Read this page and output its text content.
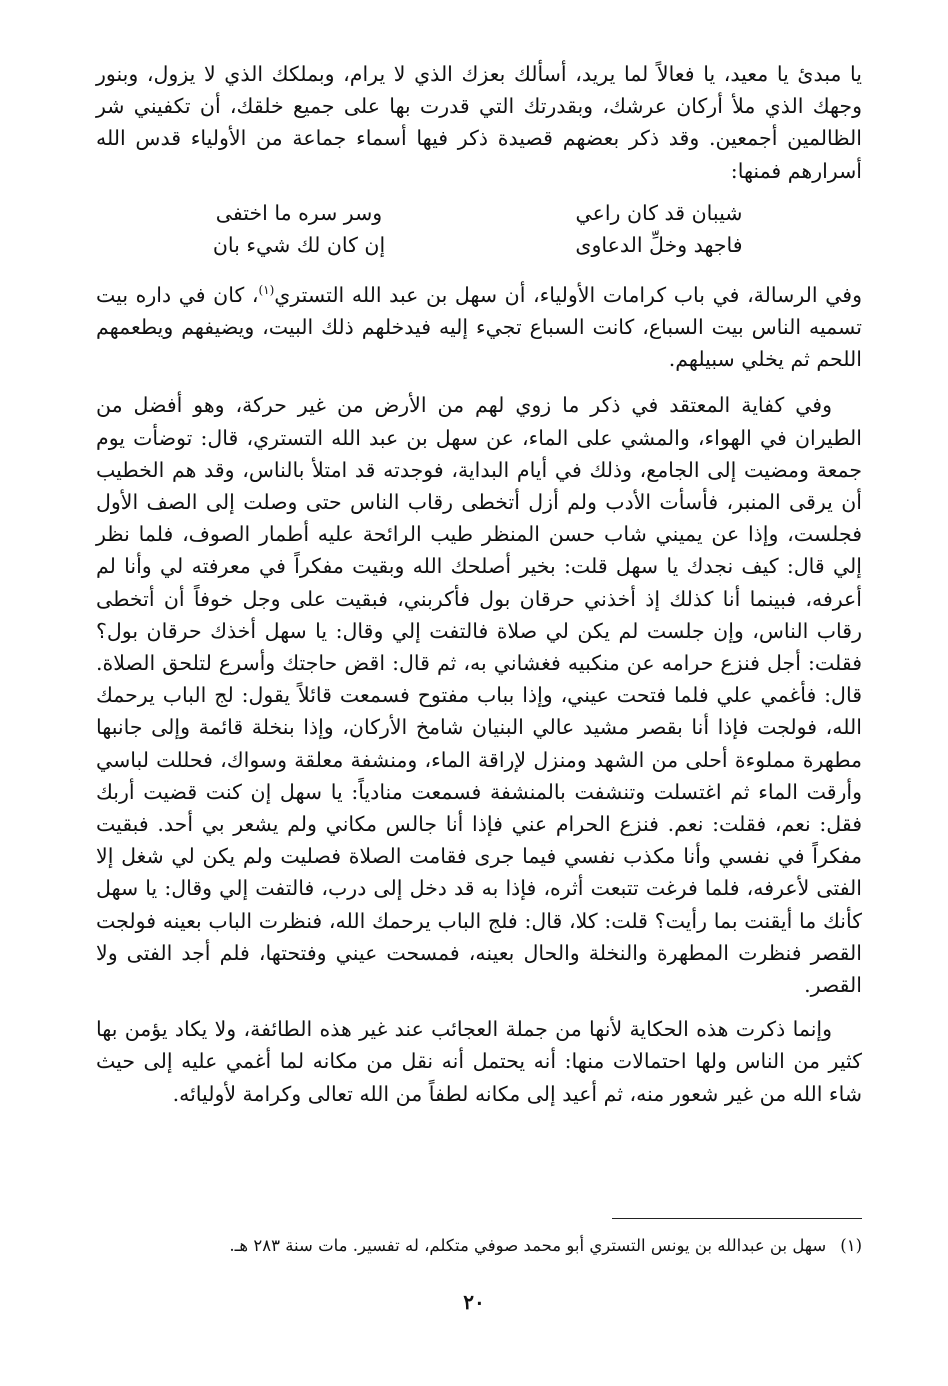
يا مبدئ يا معيد، يا فعالاً لما يريد، أسألك بعزك الذي لا يرام، وبملكك الذي لا يزول، وبنور وجهك الذي ملأ أركان عرشك، وبقدرتك التي قدرت بها على جميع خلقك، أن تكفيني شر الظالمين أجمعين. وقد ذكر بعضهم قصيدة ذكر فيها أسماء جماعة من الأولياء قدس الله أسرارهم فمنها:

شيبان قد كان راعي
وسر سره ما اختفى
فاجهد وخلِّ الدعاوى
إن كان لك شيء بان

وفي الرسالة، في باب كرامات الأولياء، أن سهل بن عبد الله التستري$^{(١)}$، كان في داره بيت تسميه الناس بيت السباع، كانت السباع تجيء إليه فيدخلهم ذلك البيت، ويضيفهم ويطعمهم اللحم ثم يخلي سبيلهم.

وفي كفاية المعتقد في ذكر ما زوي لهم من الأرض من غير حركة، وهو أفضل من الطيران في الهواء، والمشي على الماء، عن سهل بن عبد الله التستري، قال: توضأت يوم جمعة ومضيت إلى الجامع، وذلك في أيام البداية، فوجدته قد امتلأ بالناس، وقد هم الخطيب أن يرقى المنبر، فأسأت الأدب ولم أزل أتخطى رقاب الناس حتى وصلت إلى الصف الأول فجلست، وإذا عن يميني شاب حسن المنظر طيب الرائحة عليه أطمار الصوف، فلما نظر إلي قال: كيف نجدك يا سهل قلت: بخير أصلحك الله وبقيت مفكراً في معرفته لي وأنا لم أعرفه، فبينما أنا كذلك إذ أخذني حرقان بول فأكربني، فبقيت على وجل خوفاً أن أتخطى رقاب الناس، وإن جلست لم يكن لي صلاة فالتفت إلي وقال: يا سهل أخذك حرقان بول؟ فقلت: أجل فنزع حرامه عن منكبيه فغشاني به، ثم قال: اقض حاجتك وأسرع لتلحق الصلاة. قال: فأغمي علي فلما فتحت عيني، وإذا بباب مفتوح فسمعت قائلاً يقول: لج الباب يرحمك الله، فولجت فإذا أنا بقصر مشيد عالي البنيان شامخ الأركان، وإذا بنخلة قائمة وإلى جانبها مطهرة مملوءة أحلى من الشهد ومنزل لإراقة الماء، ومنشفة معلقة وسواك، فحللت لباسي وأرقت الماء ثم اغتسلت وتنشفت بالمنشفة فسمعت منادياً: يا سهل إن كنت قضيت أربك فقل: نعم، فقلت: نعم. فنزع الحرام عني فإذا أنا جالس مكاني ولم يشعر بي أحد. فبقيت مفكراً في نفسي وأنا مكذب نفسي فيما جرى فقامت الصلاة فصليت ولم يكن لي شغل إلا الفتى لأعرفه، فلما فرغت تتبعت أثره، فإذا به قد دخل إلى درب، فالتفت إلي وقال: يا سهل كأنك ما أيقنت بما رأيت؟ قلت: كلا، قال: فلج الباب يرحمك الله، فنظرت الباب بعينه فولجت القصر فنظرت المطهرة والنخلة والحال بعينه، فمسحت عيني وفتحتها، فلم أجد الفتى ولا القصر.

وإنما ذكرت هذه الحكاية لأنها من جملة العجائب عند غير هذه الطائفة، ولا يكاد يؤمن بها كثير من الناس ولها احتمالات منها: أنه يحتمل أنه نقل من مكانه لما أغمي عليه إلى حيث شاء الله من غير شعور منه، ثم أعيد إلى مكانه لطفاً من الله تعالى وكرامة لأوليائه.

(١)سهل بن عبدالله بن يونس التستري أبو محمد صوفي متكلم، له تفسير. مات سنة ٢٨٣ هـ.
٢٠
